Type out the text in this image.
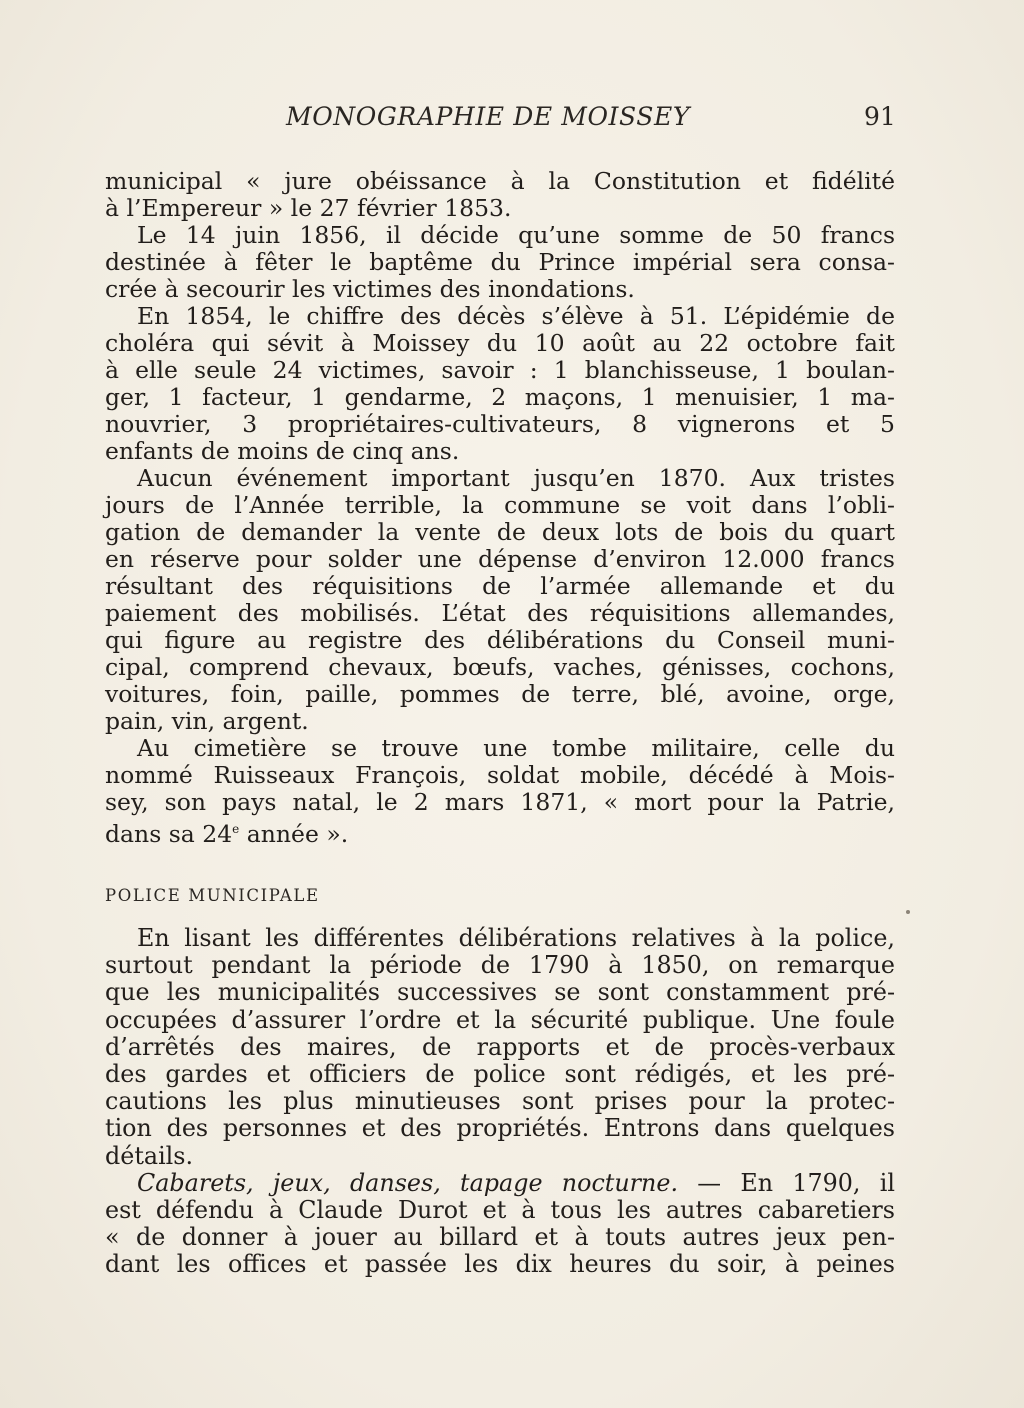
MONOGRAPHIE DE MOISSEY	91
municipal « jure obéissance à la Constitution et fidélité
à l’Empereur » le 27 février 1853.
Le 14 juin 1856, il décide qu’une somme de 50 francs
destinée à fêter le baptême du Prince impérial sera consa-
crée à secourir les victimes des inondations.
En 1854, le chiffre des décès s’élève à 51. L’épidémie de
choléra qui sévit à Moissey du 10 août au 22 octobre fait
à elle seule 24 victimes, savoir : 1 blanchisseuse, 1 boulan-
ger, 1 facteur, 1 gendarme, 2 maçons, 1 menuisier, 1 ma-
nouvrier, 3 propriétaires-cultivateurs, 8 vignerons et 5
enfants de moins de cinq ans.
Aucun événement important jusqu’en 1870. Aux tristes
jours de l’Année terrible, la commune se voit dans l’obli-
gation de demander la vente de deux lots de bois du quart
en réserve pour solder une dépense d’environ 12.000 francs
résultant des réquisitions de l’armée allemande et du
paiement des mobilisés. L’état des réquisitions allemandes,
qui figure au registre des délibérations du Conseil muni-
cipal, comprend chevaux, bœufs, vaches, génisses, cochons,
voitures, foin, paille, pommes de terre, blé, avoine, orge,
pain, vin, argent.
Au cimetière se trouve une tombe militaire, celle du
nommé Ruisseaux François, soldat mobile, décédé à Mois-
sey, son pays natal, le 2 mars 1871, « mort pour la Patrie,
dans sa 24e année ».
POLICE MUNICIPALE
En lisant les différentes délibérations relatives à la police,
surtout pendant la période de 1790 à 1850, on remarque
que les municipalités successives se sont constamment pré-
occupées d’assurer l’ordre et la sécurité publique. Une foule
d’arrêtés des maires, de rapports et de procès-verbaux
des gardes et officiers de police sont rédigés, et les pré-
cautions les plus minutieuses sont prises pour la protec-
tion des personnes et des propriétés. Entrons dans quelques
détails.
Cabarets, jeux, danses, tapage nocturne. — En 1790, il
est défendu à Claude Durot et à tous les autres cabaretiers
« de donner à jouer au billard et à touts autres jeux pen-
dant les offices et passée les dix heures du soir, à peines
